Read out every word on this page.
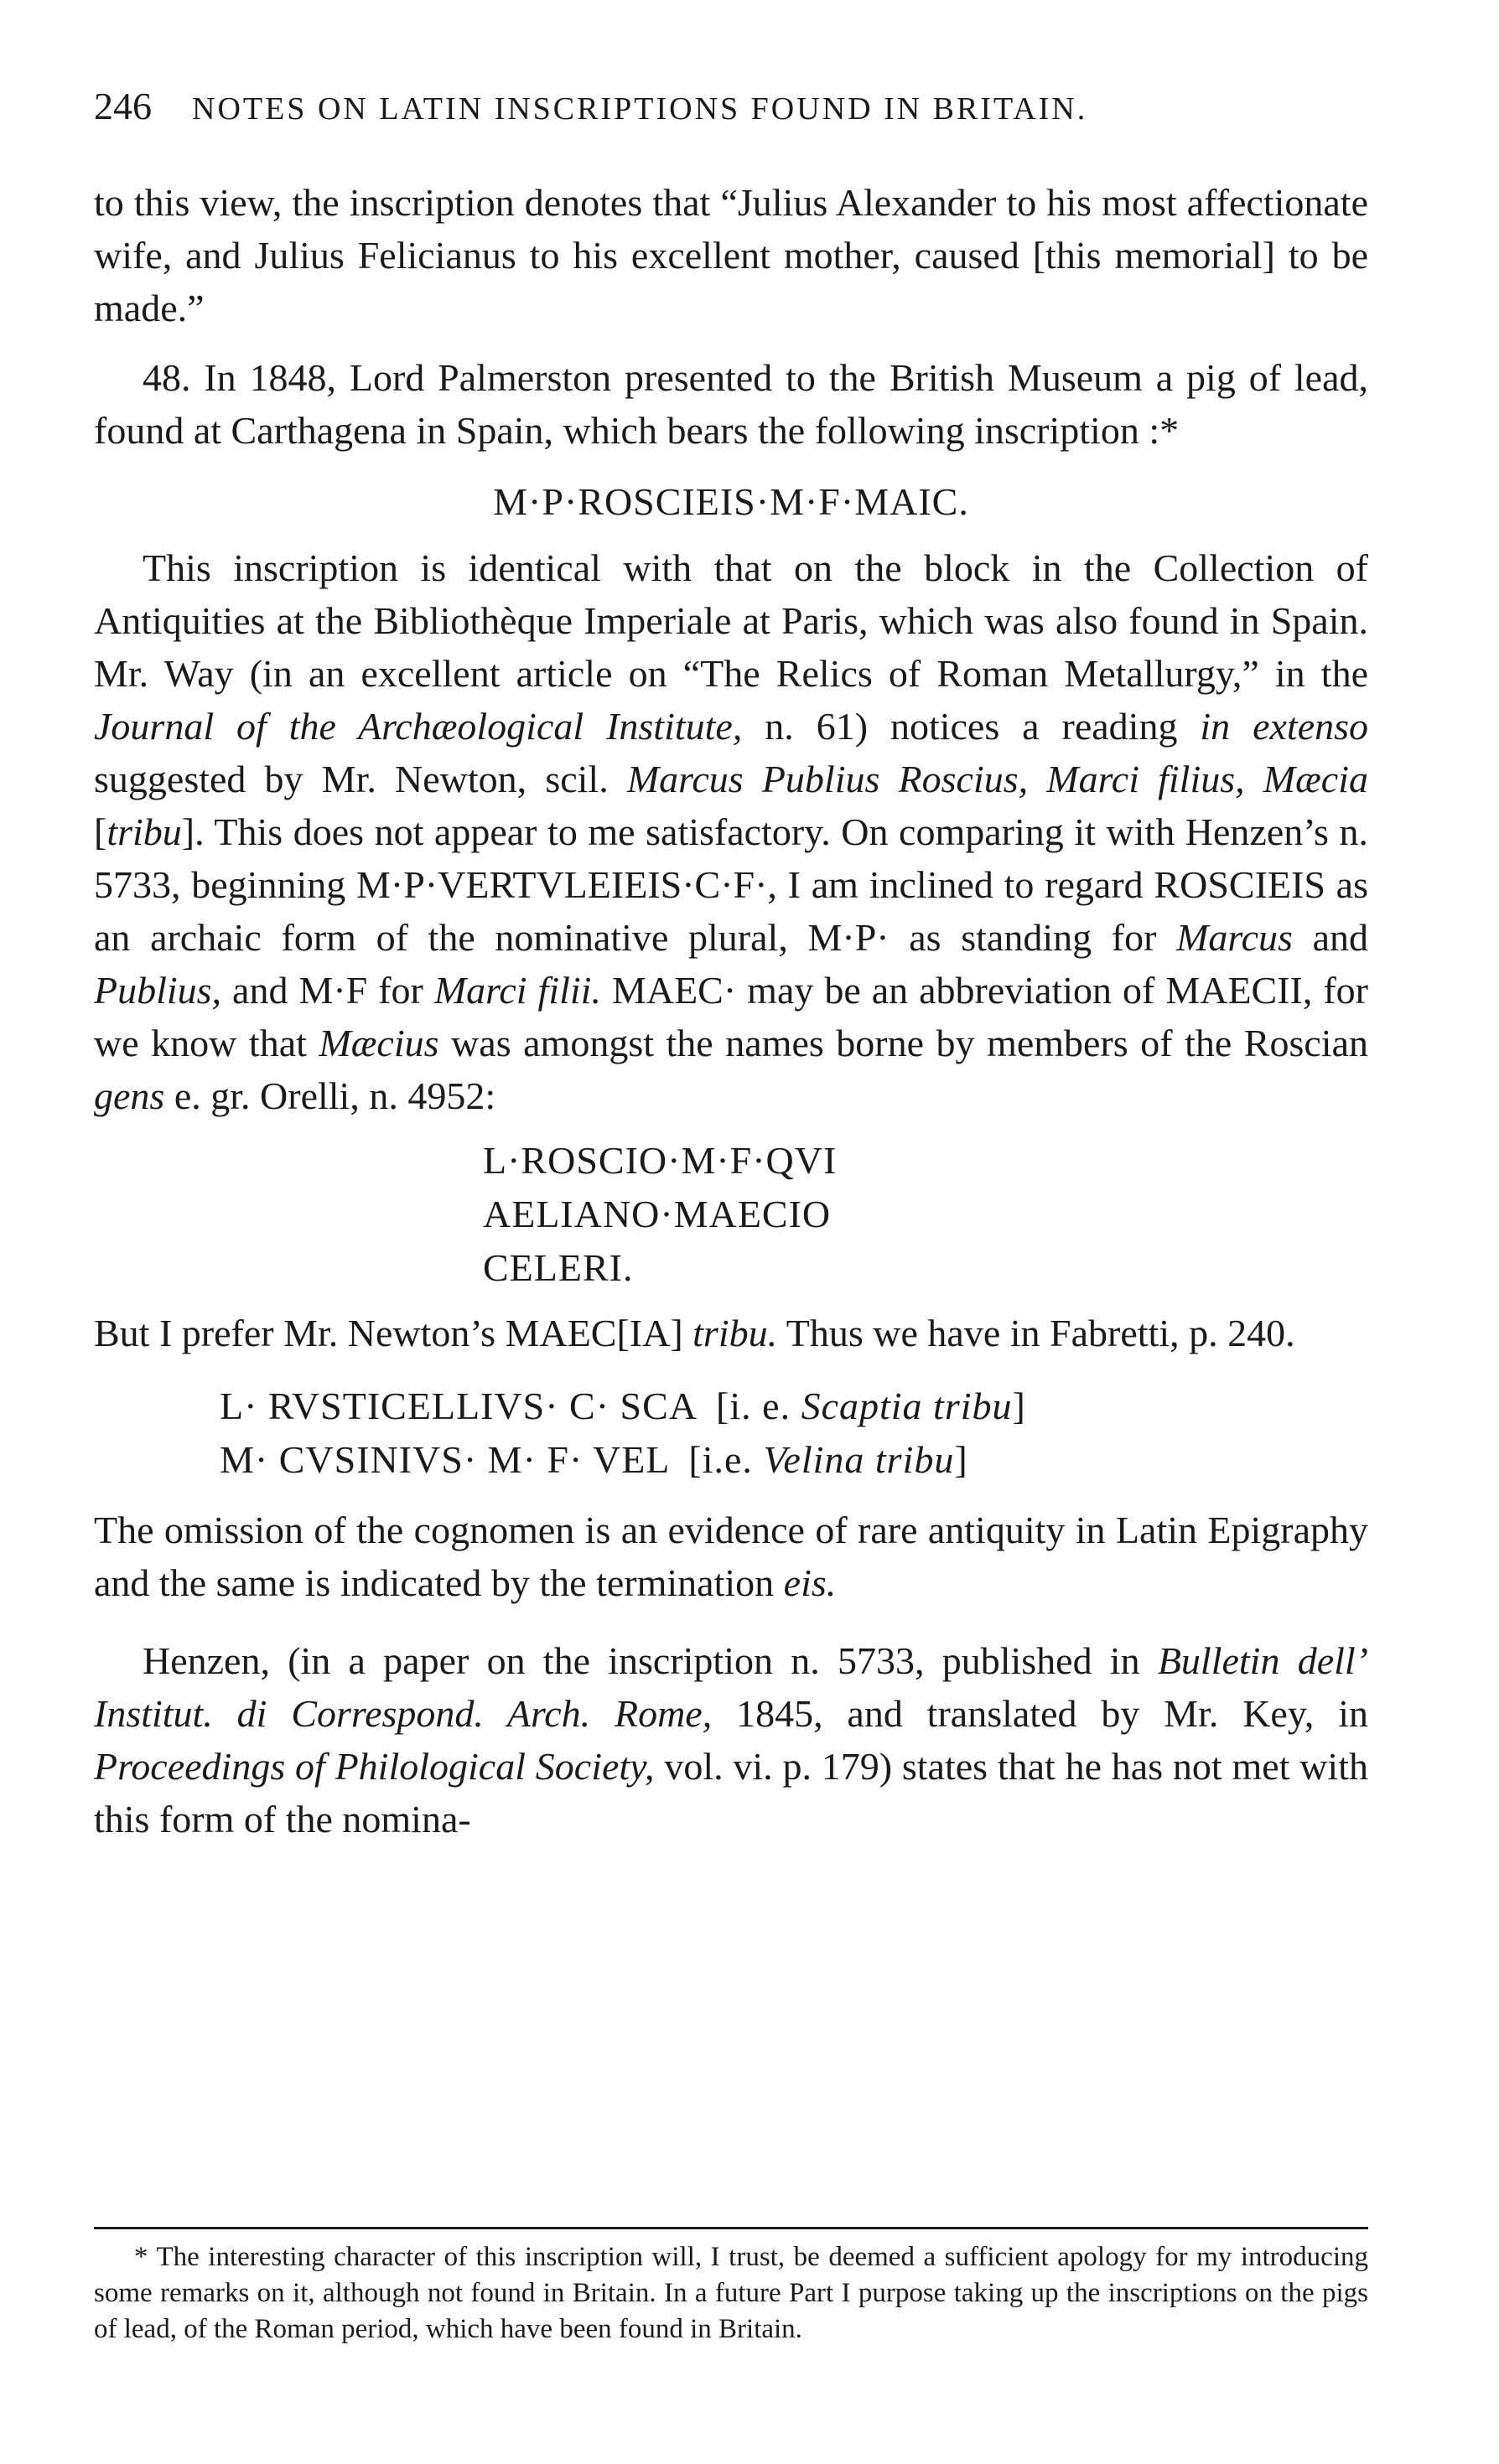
246 NOTES ON LATIN INSCRIPTIONS FOUND IN BRITAIN.

to this view, the inscription denotes that “Julius Alexander to his most affectionate wife, and Julius Felicianus to his excellent mother, caused [this memorial] to be made.”

48. In 1848, Lord Palmerston presented to the British Museum a pig of lead, found at Carthagena in Spain, which bears the following inscription :*

M·P·ROSCIEIS·M·F·MAIC.

This inscription is identical with that on the block in the Collection of Antiquities at the Bibliothèque Imperiale at Paris, which was also found in Spain. Mr. Way (in an excellent article on “The Relics of Roman Metallurgy,” in the Journal of the Archæological Institute, n. 61) notices a reading in extenso suggested by Mr. Newton, scil. Marcus Publius Roscius, Marci filius, Mæcia [tribu]. This does not appear to me satisfactory. On comparing it with Henzen’s n. 5733, beginning M·P·VERTVLEIEIS·C·F·, I am inclined to regard ROSCIEIS as an archaic form of the nominative plural, M·P· as standing for Marcus and Publius, and M·F for Marci filii. MAEC· may be an abbreviation of MAECII, for we know that Mæcius was amongst the names borne by members of the Roscian gens e. gr. Orelli, n. 4952:

L·ROSCIO·M·F·QVI
AELIANO·MAECIO
CELERI.

But I prefer Mr. Newton’s MAEC[IA] tribu. Thus we have in Fabretti, p. 240.

L· RVSTICELLIVS· C· SCA [i. e. Scaptia tribu]
M· CVSINIVS· M· F· VEL [i.e. Velina tribu]

The omission of the cognomen is an evidence of rare antiquity in Latin Epigraphy and the same is indicated by the termination eis.

Henzen, (in a paper on the inscription n. 5733, published in Bulletin dell’ Institut. di Correspond. Arch. Rome, 1845, and translated by Mr. Key, in Proceedings of Philological Society, vol. vi. p. 179) states that he has not met with this form of the nomina-

* The interesting character of this inscription will, I trust, be deemed a sufficient apology for my introducing some remarks on it, although not found in Britain. In a future Part I purpose taking up the inscriptions on the pigs of lead, of the Roman period, which have been found in Britain.
